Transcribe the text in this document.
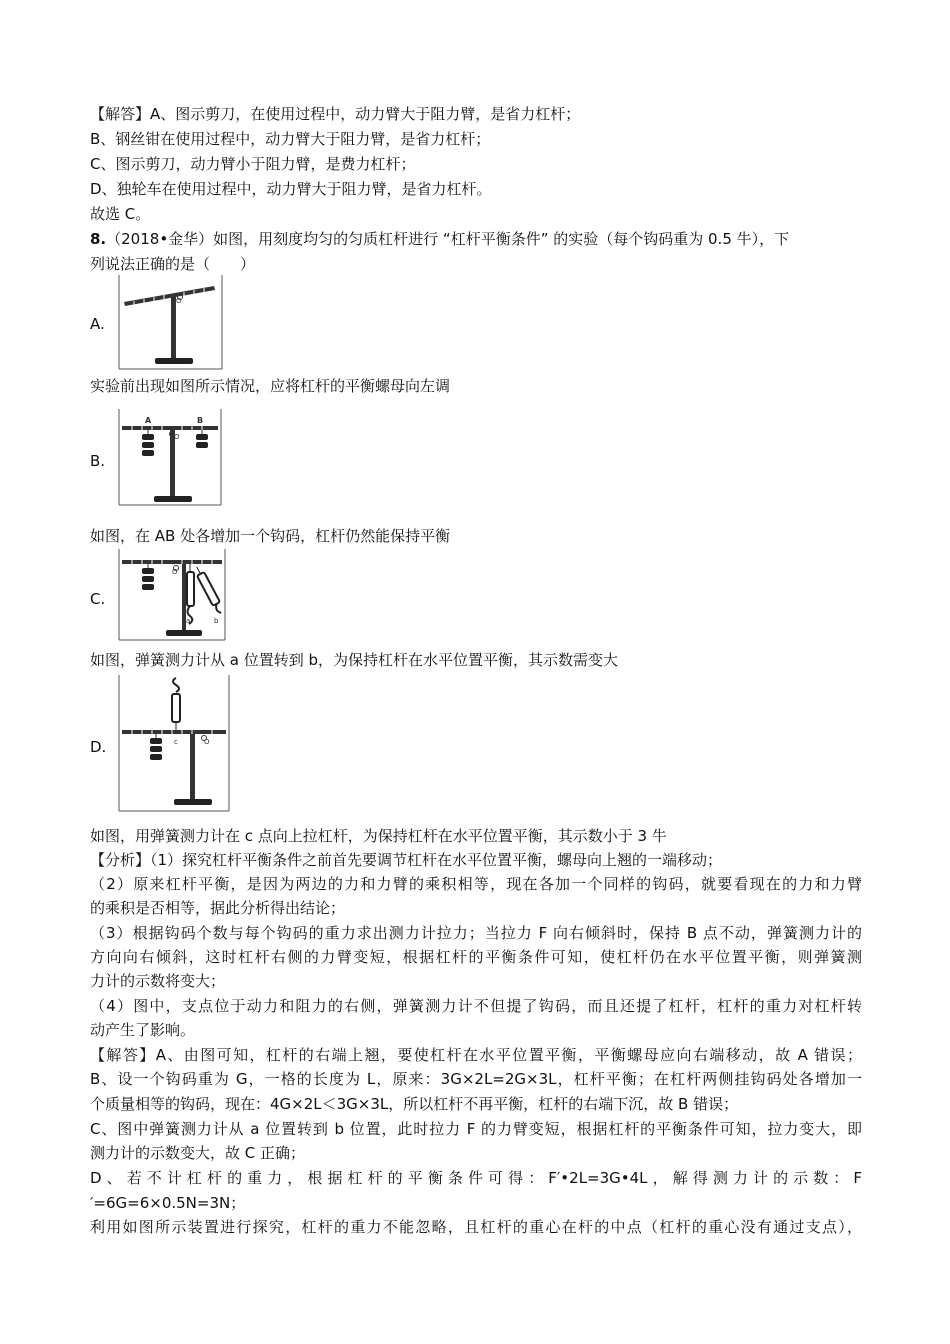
【解答】A、图示剪刀，在使用过程中，动力臂大于阻力臂，是省力杠杆；
B、钢丝钳在使用过程中，动力臂大于阻力臂，是省力杠杆；
C、图示剪刀，动力臂小于阻力臂，是费力杠杆；
D、独轮车在使用过程中，动力臂大于阻力臂，是省力杠杆。
故选 C。
8.（2018•金华）如图，用刻度均匀的匀质杠杆进行 “杠杆平衡条件” 的实验（每个钩码重为 0.5 牛），下
列说法正确的是（　　）
A.
O
实验前出现如图所示情况，应将杠杆的平衡螺母向左调
B.
A	B
O
如图，在 AB 处各增加一个钩码，杠杆仍然能保持平衡
C.
O
a	b
如图，弹簧测力计从 a 位置转到 b，为保持杠杆在水平位置平衡，其示数需变大
D.	c	O
如图，用弹簧测力计在 c 点向上拉杠杆，为保持杠杆在水平位置平衡，其示数小于 3 牛
【分析】（1）探究杠杆平衡条件之前首先要调节杠杆在水平位置平衡，螺母向上翘的一端移动；
（2）原来杠杆平衡，是因为两边的力和力臂的乘积相等，现在各加一个同样的钩码，就要看现在的力和力臂
的乘积是否相等，据此分析得出结论；
（3）根据钩码个数与每个钩码的重力求出测力计拉力；当拉力 F 向右倾斜时，保持 B 点不动，弹簧测力计的
方向向右倾斜，这时杠杆右侧的力臂变短，根据杠杆的平衡条件可知，使杠杆仍在水平位置平衡，则弹簧测
力计的示数将变大；
（4）图中，支点位于动力和阻力的右侧，弹簧测力计不但提了钩码，而且还提了杠杆，杠杆的重力对杠杆转
动产生了影响。
【解答】A、由图可知，杠杆的右端上翘，要使杠杆在水平位置平衡，平衡螺母应向右端移动，故 A 错误；
B、设一个钩码重为 G，一格的长度为 L，原来：3G×2L=2G×3L，杠杆平衡；在杠杆两侧挂钩码处各增加一
个质量相等的钩码，现在：4G×2L＜3G×3L，所以杠杆不再平衡，杠杆的右端下沉，故 B 错误；
C、图中弹簧测力计从 a 位置转到 b 位置，此时拉力 F 的力臂变短，根据杠杆的平衡条件可知，拉力变大，即
测力计的示数变大，故 C 正确；
D、若不计杠杆的重力，根据杠杆的平衡条件可得：F′•2L=3G•4L，解得测力计的示数：F
′=6G=6×0.5N=3N；
利用如图所示装置进行探究，杠杆的重力不能忽略，且杠杆的重心在杆的中点（杠杆的重心没有通过支点），
